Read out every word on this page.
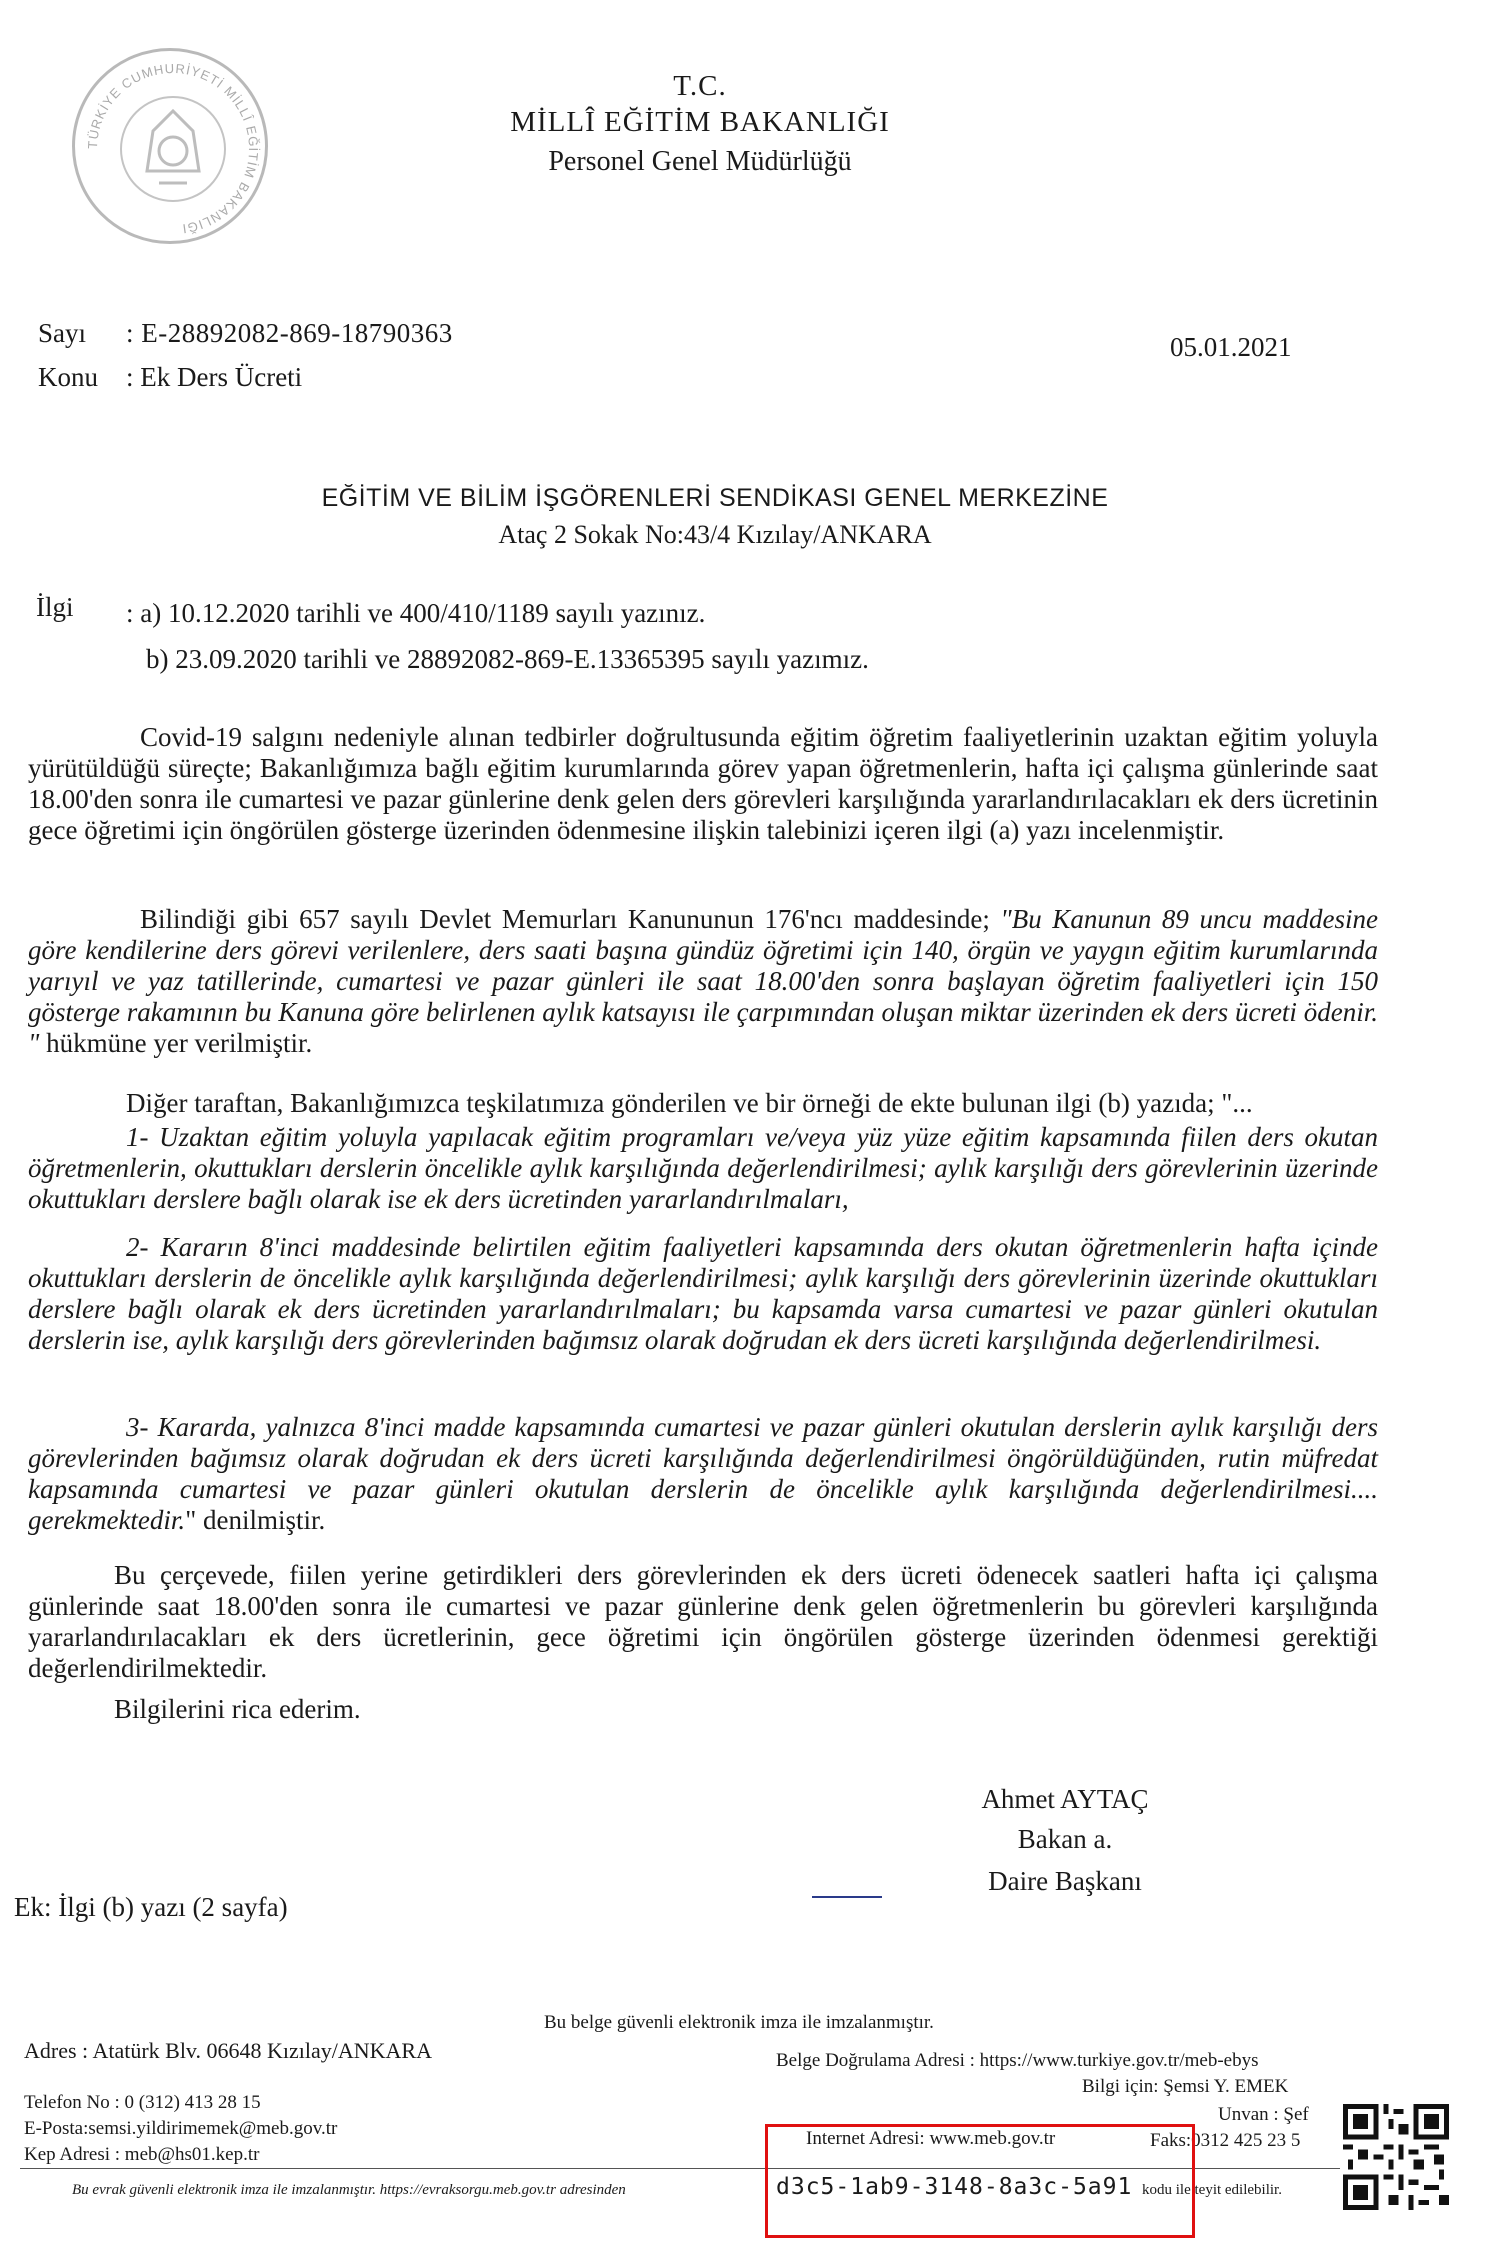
TÜRKİYE CUMHURİYETİ MİLLÎ EĞİTİM BAKANLIĞI
T.C.
MİLLÎ EĞİTİM BAKANLIĞI
Personel Genel Müdürlüğü
Sayı : E-28892082-869-18790363
Konu : Ek Ders Ücreti
05.01.2021
EĞİTİM VE BİLİM İŞGÖRENLERİ SENDİKASI GENEL MERKEZİNE
Ataç 2 Sokak No:43/4 Kızılay/ANKARA
İlgi : a) 10.12.2020 tarihli ve 400/410/1189 sayılı yazınız.
b) 23.09.2020 tarihli ve 28892082-869-E.13365395 sayılı yazımız.
Covid-19 salgını nedeniyle alınan tedbirler doğrultusunda eğitim öğretim faaliyetlerinin uzaktan eğitim yoluyla yürütüldüğü süreçte; Bakanlığımıza bağlı eğitim kurumlarında görev yapan öğretmenlerin, hafta içi çalışma günlerinde saat 18.00'den sonra ile cumartesi ve pazar günlerine denk gelen ders görevleri karşılığında yararlandırılacakları ek ders ücretinin gece öğretimi için öngörülen gösterge üzerinden ödenmesine ilişkin talebinizi içeren ilgi (a) yazı incelenmiştir.
Bilindiği gibi 657 sayılı Devlet Memurları Kanununun 176'ncı maddesinde; "Bu Kanunun 89 uncu maddesine göre kendilerine ders görevi verilenlere, ders saati başına gündüz öğretimi için 140, örgün ve yaygın eğitim kurumlarında yarıyıl ve yaz tatillerinde, cumartesi ve pazar günleri ile saat 18.00'den sonra başlayan öğretim faaliyetleri için 150 gösterge rakamının bu Kanuna göre belirlenen aylık katsayısı ile çarpımından oluşan miktar üzerinden ek ders ücreti ödenir. " hükmüne yer verilmiştir.
Diğer taraftan, Bakanlığımızca teşkilatımıza gönderilen ve bir örneği de ekte bulunan ilgi (b) yazıda; "...
1- Uzaktan eğitim yoluyla yapılacak eğitim programları ve/veya yüz yüze eğitim kapsamında fiilen ders okutan öğretmenlerin, okuttukları derslerin öncelikle aylık karşılığında değerlendirilmesi; aylık karşılığı ders görevlerinin üzerinde okuttukları derslere bağlı olarak ise ek ders ücretinden yararlandırılmaları,
2- Kararın 8'inci maddesinde belirtilen eğitim faaliyetleri kapsamında ders okutan öğretmenlerin hafta içinde okuttukları derslerin de öncelikle aylık karşılığında değerlendirilmesi; aylık karşılığı ders görevlerinin üzerinde okuttukları derslere bağlı olarak ek ders ücretinden yararlandırılmaları; bu kapsamda varsa cumartesi ve pazar günleri okutulan derslerin ise, aylık karşılığı ders görevlerinden bağımsız olarak doğrudan ek ders ücreti karşılığında değerlendirilmesi.
3- Kararda, yalnızca 8'inci madde kapsamında cumartesi ve pazar günleri okutulan derslerin aylık karşılığı ders görevlerinden bağımsız olarak doğrudan ek ders ücreti karşılığında değerlendirilmesi öngörüldüğünden, rutin müfredat kapsamında cumartesi ve pazar günleri okutulan derslerin de öncelikle aylık karşılığında değerlendirilmesi.... gerekmektedir." denilmiştir.
Bu çerçevede, fiilen yerine getirdikleri ders görevlerinden ek ders ücreti ödenecek saatleri hafta içi çalışma günlerinde saat 18.00'den sonra ile cumartesi ve pazar günlerine denk gelen öğretmenlerin bu görevleri karşılığında yararlandırılacakları ek ders ücretlerinin, gece öğretimi için öngörülen gösterge üzerinden ödenmesi gerektiği değerlendirilmektedir.
Bilgilerini rica ederim.
Ahmet AYTAÇ
Bakan a.
Daire Başkanı
Ek: İlgi (b) yazı (2 sayfa)
Bu belge güvenli elektronik imza ile imzalanmıştır.
Adres : Atatürk Blv. 06648 Kızılay/ANKARA	Belge Doğrulama Adresi : https://www.turkiye.gov.tr/meb-ebys
Bilgi için: Şemsi Y. EMEK
Unvan : Şef
Telefon No : 0 (312) 413 28 15
E-Posta:semsi.yildirimemek@meb.gov.tr
Kep Adresi : meb@hs01.kep.tr
Internet Adresi: www.meb.gov.tr	Faks:0312 425 23 5
Bu evrak güvenli elektronik imza ile imzalanmıştır. https://evraksorgu.meb.gov.tr adresinden	d3c5-1ab9-3148-8a3c-5a91 kodu ile teyit edilebilir.
